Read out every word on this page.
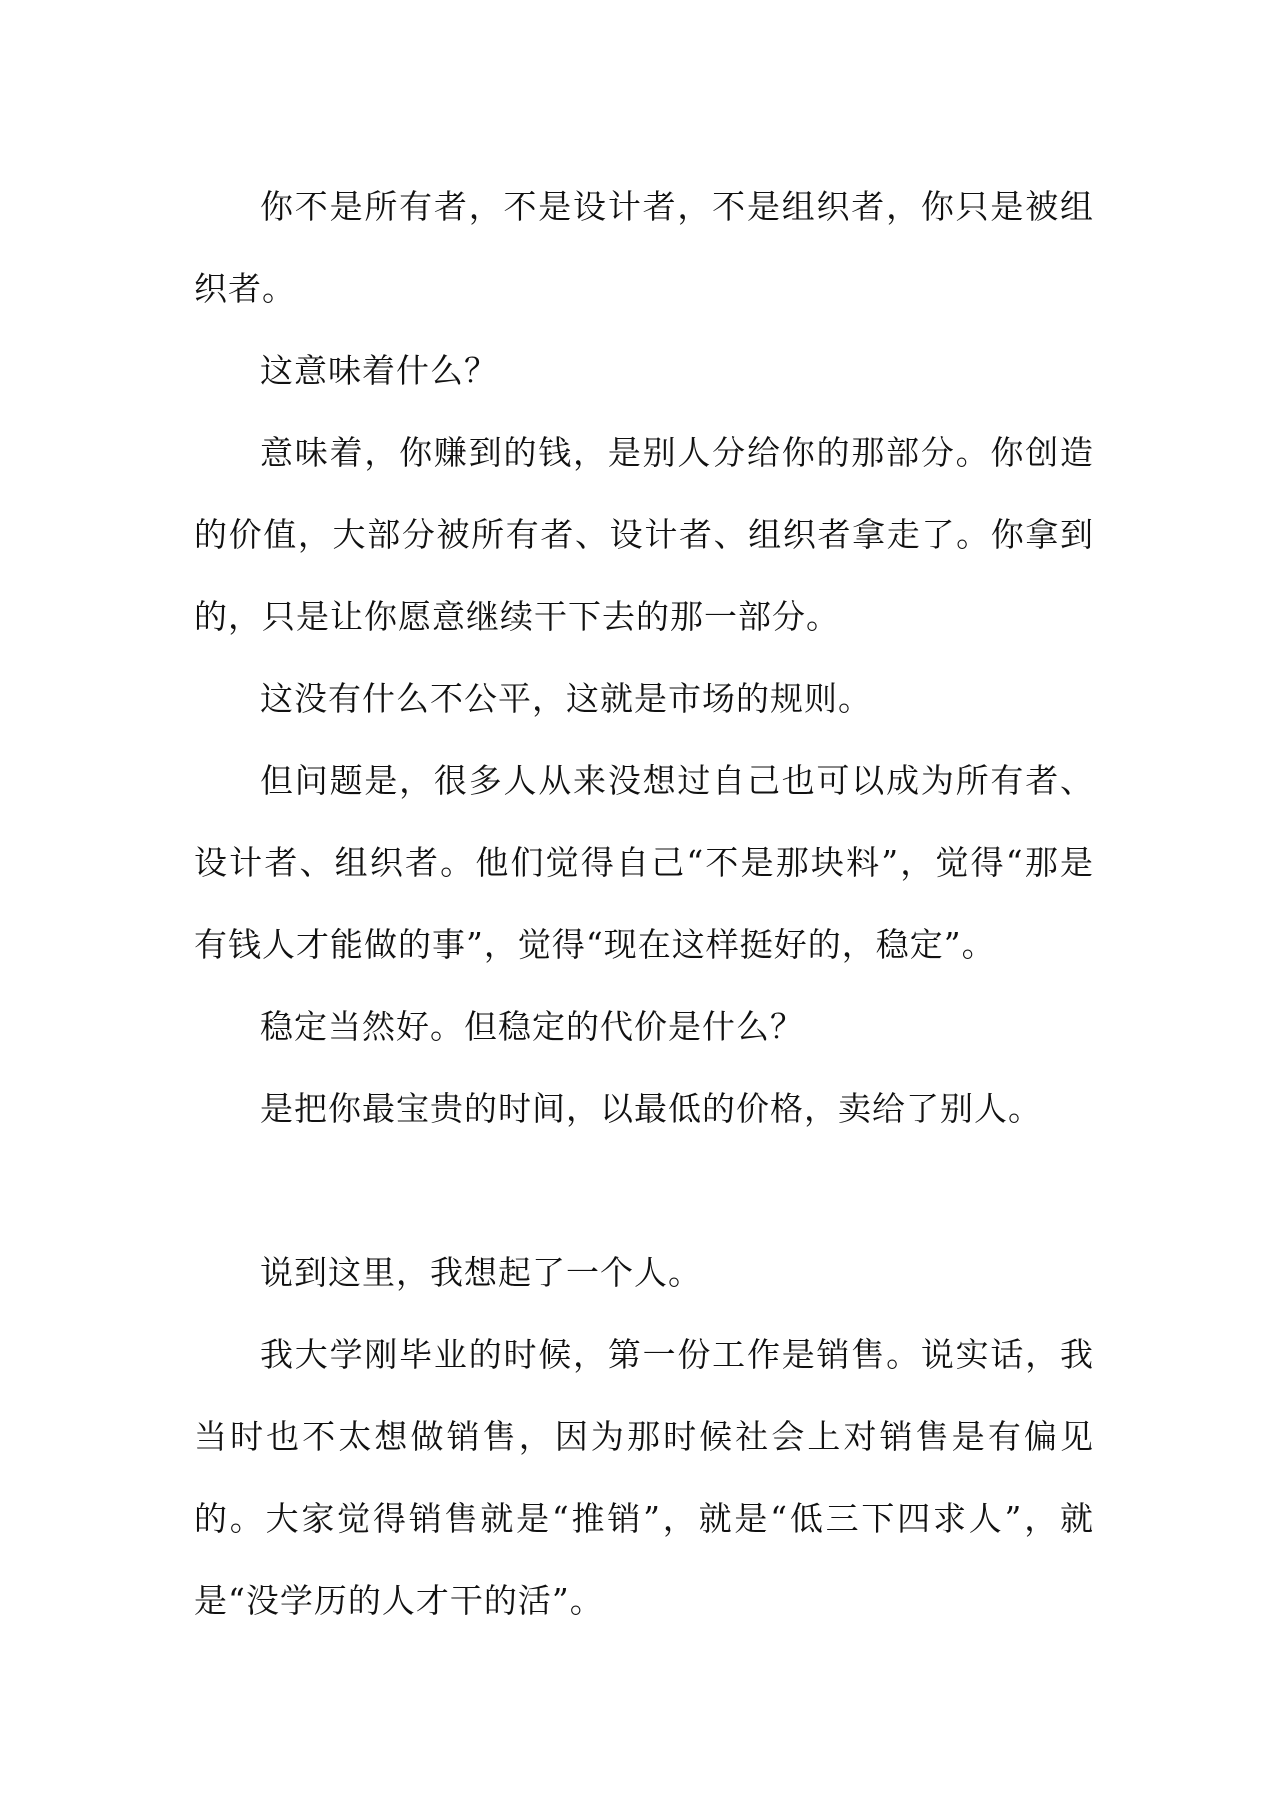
你不是所有者，不是设计者，不是组织者，你只是被组织者。

这意味着什么？

意味着，你赚到的钱，是别人分给你的那部分。你创造的价值，大部分被所有者、设计者、组织者拿走了。你拿到的，只是让你愿意继续干下去的那一部分。

这没有什么不公平，这就是市场的规则。

但问题是，很多人从来没想过自己也可以成为所有者、设计者、组织者。他们觉得自己“不是那块料”，觉得“那是有钱人才能做的事”，觉得“现在这样挺好的，稳定”。

稳定当然好。但稳定的代价是什么？

是把你最宝贵的时间，以最低的价格，卖给了别人。

说到这里，我想起了一个人。

我大学刚毕业的时候，第一份工作是销售。说实话，我当时也不太想做销售，因为那时候社会上对销售是有偏见的。大家觉得销售就是“推销”，就是“低三下四求人”，就是“没学历的人才干的活”。
